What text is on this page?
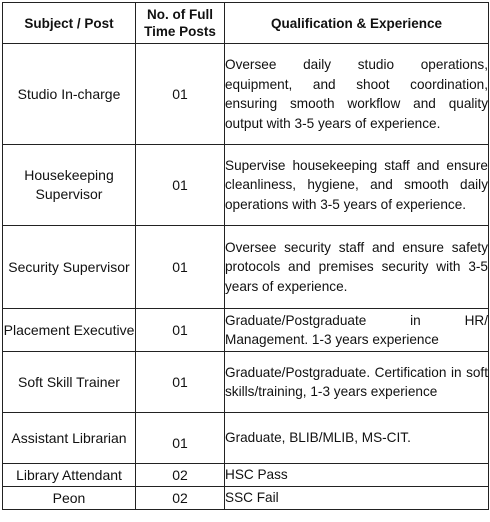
Subject / Post	No. of Full Time Posts	Qualification & Experience
Studio In-charge	01	Oversee daily studio operations, equipment, and shoot coordination, ensuring smooth workflow and quality output with 3-5 years of experience.
Housekeeping Supervisor	01	Supervise housekeeping staff and ensure cleanliness, hygiene, and smooth daily operations with 3-5 years of experience.
Security Supervisor	01	Oversee security staff and ensure safety protocols and premises security with 3-5 years of experience.
Placement Executive	01	Graduate/Postgraduate in HR/ Management. 1-3 years experience
Soft Skill Trainer	01	Graduate/Postgraduate. Certification in soft skills/training, 1-3 years experience
Assistant Librarian	01	Graduate, BLIB/MLIB, MS-CIT.
Library Attendant	02	HSC Pass
Peon	02	SSC Fail
